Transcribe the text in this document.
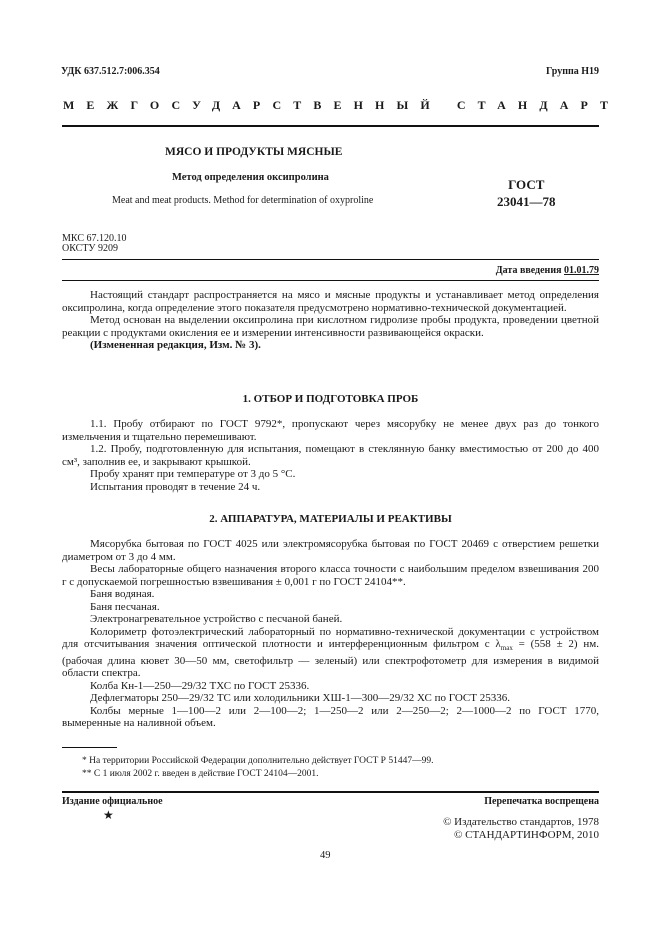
УДК 637.512.7:006.354	Группа Н19
МЕЖГОСУДАРСТВЕННЫЙ СТАНДАРТ
МЯСО И ПРОДУКТЫ МЯСНЫЕ
Метод определения оксипролина
Meat and meat products. Method for determination of oxyproline
ГОСТ
23041—78
МКС 67.120.10
ОКСТУ 9209
Дата введения 01.01.79

Настоящий стандарт распространяется на мясо и мясные продукты и устанавливает метод определения оксипролина, когда определение этого показателя предусмотрено нормативно-технической документацией.

Метод основан на выделении оксипролина при кислотном гидролизе пробы продукта, проведении цветной реакции с продуктами окисления ее и измерении интенсивности развивающейся окраски.

(Измененная редакция, Изм. № 3).

1. ОТБОР И ПОДГОТОВКА ПРОБ

1.1. Пробу отбирают по ГОСТ 9792*, пропускают через мясорубку не менее двух раз до тонкого измельчения и тщательно перемешивают.

1.2. Пробу, подготовленную для испытания, помещают в стеклянную банку вместимостью от 200 до 400 см³, заполнив ее, и закрывают крышкой.

Пробу хранят при температуре от 3 до 5 °С.

Испытания проводят в течение 24 ч.

2. АППАРАТУРА, МАТЕРИАЛЫ И РЕАКТИВЫ

Мясорубка бытовая по ГОСТ 4025 или электромясорубка бытовая по ГОСТ 20469 с отверстием решетки диаметром от 3 до 4 мм.

Весы лабораторные общего назначения второго класса точности с наибольшим пределом взвешивания 200 г с допускаемой погрешностью взвешивания ± 0,001 г по ГОСТ 24104**.

Баня водяная.

Баня песчаная.

Электронагревательное устройство с песчаной баней.

Колориметр фотоэлектрический лабораторный по нормативно-технической документации с устройством для отсчитывания значения оптической плотности и интерференционным фильтром с $\lambda_{max} = (558 \pm 2)$ нм. (рабочая длина кювет 30—50 мм, светофильтр — зеленый) или спектрофотометр для измерения в видимой области спектра.

Колба Кн-1—250—29/32 ТХС по ГОСТ 25336.

Дефлегматоры 250—29/32 ТС или холодильники ХШ-1—300—29/32 ХС по ГОСТ 25336.

Колбы мерные 1—100—2 или 2—100—2; 1—250—2 или 2—250—2; 2—1000—2 по ГОСТ 1770, вымеренные на наливной объем.

* На территории Российской Федерации дополнительно действует ГОСТ Р 51447—99.

** С 1 июля 2002 г. введен в действие ГОСТ 24104—2001.

Издание официальное
★
Перепечатка воспрещена
© Издательство стандартов, 1978
© СТАНДАРТИНФОРМ, 2010
49
